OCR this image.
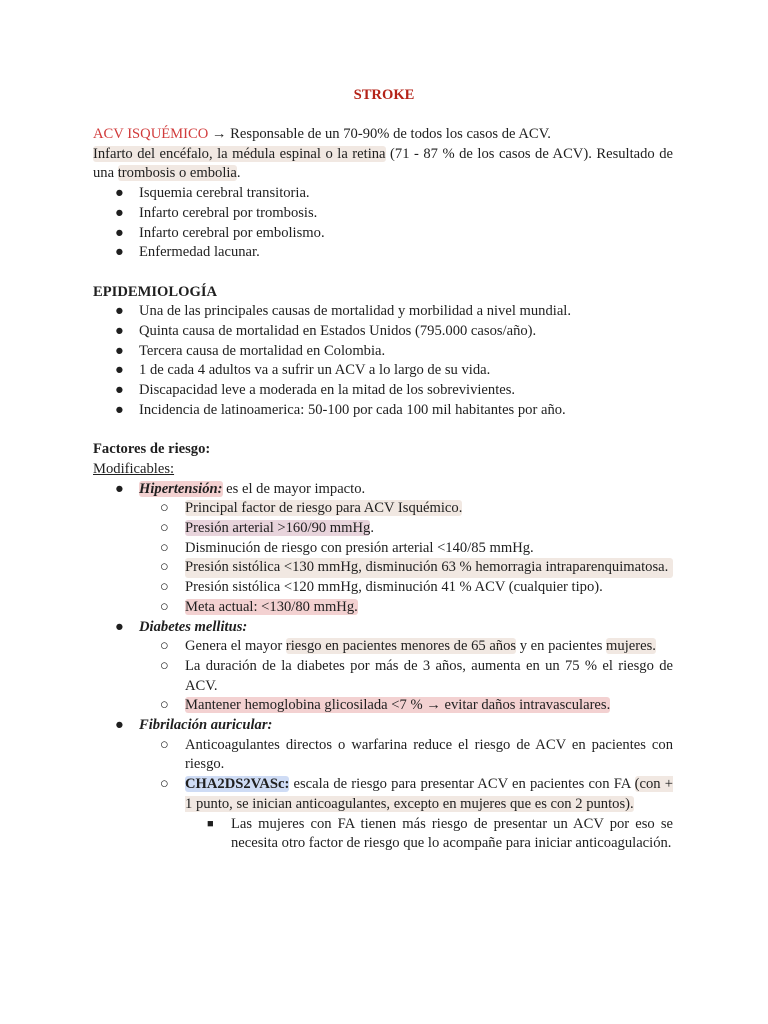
STROKE

ACV ISQUÉMICO → Responsable de un 70-90% de todos los casos de ACV.

Infarto del encéfalo, la médula espinal o la retina (71 - 87 % de los casos de ACV). Resultado de una trombosis o embolia.

● Isquemia cerebral transitoria.
● Infarto cerebral por trombosis.
● Infarto cerebral por embolismo.
● Enfermedad lacunar.

EPIDEMIOLOGÍA

● Una de las principales causas de mortalidad y morbilidad a nivel mundial.
● Quinta causa de mortalidad en Estados Unidos (795.000 casos/año).
● Tercera causa de mortalidad en Colombia.
● 1 de cada 4 adultos va a sufrir un ACV a lo largo de su vida.
● Discapacidad leve a moderada en la mitad de los sobrevivientes.
● Incidencia de latinoamerica: 50-100 por cada 100 mil habitantes por año.

Factores de riesgo:

Modificables:

● Hipertensión: es el de mayor impacto.
○ Principal factor de riesgo para ACV Isquémico.
○ Presión arterial >160/90 mmHg.
○ Disminución de riesgo con presión arterial <140/85 mmHg.
○ Presión sistólica <130 mmHg, disminución 63 % hemorragia intraparenquimatosa.
○ Presión sistólica <120 mmHg, disminución 41 % ACV (cualquier tipo).
○ Meta actual: <130/80 mmHg.
● Diabetes mellitus:
○ Genera el mayor riesgo en pacientes menores de 65 años y en pacientes mujeres.
○ La duración de la diabetes por más de 3 años, aumenta en un 75 % el riesgo de ACV.
○ Mantener hemoglobina glicosilada <7 % → evitar daños intravasculares.
● Fibrilación auricular:
○ Anticoagulantes directos o warfarina reduce el riesgo de ACV en pacientes con riesgo.
○ CHA2DS2VASc: escala de riesgo para presentar ACV en pacientes con FA (con + 1 punto, se inician anticoagulantes, excepto en mujeres que es con 2 puntos).
■ Las mujeres con FA tienen más riesgo de presentar un ACV por eso se necesita otro factor de riesgo que lo acompañe para iniciar anticoagulación.
